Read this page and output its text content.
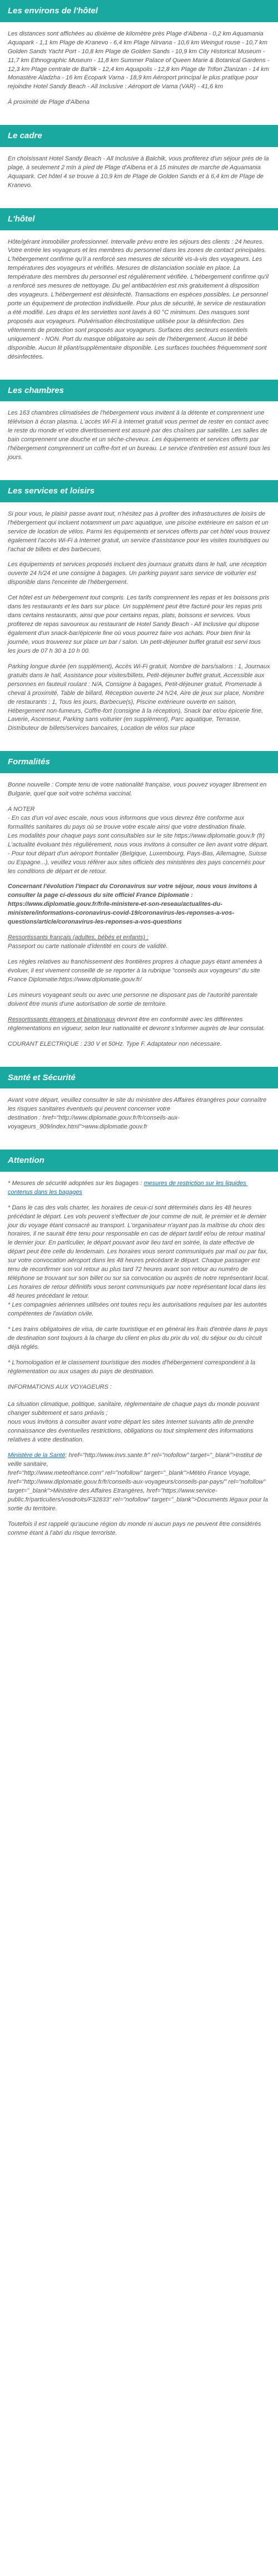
Les environs de l'hôtel

Les distances sont affichées au dixième de kilomètre près Plage d'Albena - 0,2 km Aquamania Aquapark - 1,1 km Plage de Kranevo - 6,4 km Plage Nirvana - 10,6 km Weingut rouse - 10,7 km Golden Sands Yacht Port - 10,8 km Plage de Golden Sands - 10,9 km City Historical Museum - 11,7 km Ethnographic Museum - 11,8 km Summer Palace of Queen Marie & Botanical Gardens - 12,3 km Plage centrale de Bal'tik - 12,4 km Aquapolis - 12,8 km Plage de Trifon Zlanizan - 14 km Monastère Aladzha - 16 km Ecopark Varna - 18,9 km Aéroport principal le plus pratique pour rejoindre Hotel Sandy Beach - All Inclusive : Aéroport de Varna (VAR) - 41,6 km

À proximité de Plage d'Albena

Le cadre

En choisissant Hotel Sandy Beach - All Inclusive à Balchik, vous profiterez d'un séjour près de la plage, à seulement 2 min à pied de Plage d'Albena et à 15 minutes de marche de Aquamania Aquapark. Cet hôtel 4 se trouve à 10,9 km de Plage de Golden Sands et à 6,4 km de Plage de Kranevo.

L'hôtel

Hôte/gérant immobilier professionnel. Intervalle prévu entre les séjours des clients : 24 heures. Votre entrée les voyageurs et les membres du personnel dans les zones de contact principales. L'hébergement confirme qu'il a renforcé ses mesures de sécurité vis-à-vis des voyageurs. Les températures des voyageurs et vérifiés. Mesures de distanciation sociale en place. La température des membres du personnel est régulièrement vérifiée. L'hébergement confirme qu'il a renforcé ses mesures de nettoyage. Du gel antibactérien est mis gratuitement à disposition des voyageurs. L'hébergement est désinfecté. Transactions en espèces possibles. Le personnel porte un équipement de protection individuelle. Pour plus de sécurité, le service de restauration a été modifié. Les draps et les serviettes sont lavés à 60 °C minimum. Des masques sont proposés aux voyageurs. Pulvérisation électrostatique utilisée pour la désinfection. Des vêtements de protection sont proposés aux voyageurs. Surfaces des secteurs essentiels uniquement - NON. Port du masque obligatoire au sein de l'hébergement. Aucun lit bébé disponible. Aucun lit pliant/supplémentaire disponible. Les surfaces touchées fréquemment sont désinfectées.

Les chambres

Les 163 chambres climatisées de l'hébergement vous invitent à la détente et comprennent une télévision à écran plasma. L'accès Wi-Fi à Internet gratuit vous permet de rester en contact avec le reste du monde et votre divertissement est assuré par des chaînes par satellite. Les salles de bain comprennent une douche et un sèche-cheveux. Les équipements et services offerts par l'hébergement comprennent un coffre-fort et un bureau. Le service d'entretien est assuré tous les jours.

Les services et loisirs

Si pour vous, le plaisir passe avant tout, n'hésitez pas à profiter des infrastructures de loisirs de l'hébergement qui incluent notamment un parc aquatique, une piscine extérieure en saison et un service de location de vélos. Parmi les équipements et services offerts par cet hôtel vous trouvez également l'accès Wi-Fi à Internet gratuit, un service d'assistance pour les visites touristiques ou l'achat de billets et des barbecues.

Les équipements et services proposés incluent des journaux gratuits dans le hall, une réception ouverte 24 h/24 et une consigne à bagages. Un parking payant sans service de voiturier est disponible dans l'enceinte de l'hébergement.

Cet hôtel est un hébergement tout compris. Les tarifs comprennent les repas et les boissons pris dans les restaurants et les bars sur place. Un supplément peut être facturé pour les repas pris dans certains restaurants, ainsi que pour certains repas, plats, boissons et services. Vous profiterez de repas savoureux au restaurant de Hotel Sandy Beach - All Inclusive qui dispose également d'un snack-bar/épicerie fine où vous pourrez faire vos achats. Pour bien finir la journée, vous trouverez sur place un bar / salon. Un petit-déjeuner buffet gratuit est servi tous les jours de 07 h 30 à 10 h 00.

Parking longue durée (en supplément), Accès Wi-Fi gratuit, Nombre de bars/salons : 1, Journaux gratuits dans le hall, Assistance pour visites/billets, Petit-déjeuner buffet gratuit, Accessible aux personnes en fauteuil roulant : N/A, Consigne à bagages, Petit-déjeuner gratuit, Promenade à cheval à proximité, Table de billard, Réception ouverte 24 h/24, Aire de jeux sur place, Nombre de restaurants : 1, Tous les jours, Barbecue(s), Piscine extérieure ouverte en saison, Hébergement non-fumeurs, Coffre-fort (consigne à la réception), Snack bar et/ou épicerie fine, Laverie, Ascenseur, Parking sans voiturier (en supplément), Parc aquatique, Terrasse, Distributeur de billets/services bancaires, Location de vélos sur place

Formalités

Bonne nouvelle : Compte tenu de votre nationalité française, vous pouvez voyager librement en Bulgarie, quel que soit votre schéma vaccinal.

A NOTER
- En cas d'un vol avec escale, nous vous informons que vous devrez être conforme aux formalités sanitaires du pays où se trouve votre escale ainsi que votre destination finale.
Les modalités pour chaque pays sont consultables sur le site https://www.diplomatie.gouv.fr (fr) L'actualité évoluant très régulièrement, nous vous invitons à consulter ce lien avant votre départ.
- Pour tout départ d'un aéroport frontalier (Belgique, Luxembourg, Pays-Bas, Allemagne, Suisse ou Espagne...), veuillez vous référer aux sites officiels des ministères des pays concernés pour les conditions de départ et de retour.

Concernant l'évolution l'impact du Coronavirus sur votre séjour, nous vous invitons à consulter la page ci-dessous du site officiel France Diplomatie : https://www.diplomatie.gouv.fr/fr/le-ministere-et-son-reseau/actualites-du-ministere/informations-coronavirus-covid-19/coronavirus-les-reponses-a-vos-questions/article/coronavirus-les-reponses-a-vos-questions

Ressortissants français (adultes, bébés et enfants) :
Passeport ou carte nationale d'identité en cours de validité.

Les règles relatives au franchissement des frontières propres à chaque pays étant amenées à évoluer, il est vivement conseillé de se reporter à la rubrique "conseils aux voyageurs" du site France Diplomatie:https://www.diplomatie.gouv.fr/

Les mineurs voyageant seuls ou avec une personne ne disposant pas de l'autorité parentale doivent être munis d'une autorisation de sortie de territoire.

Ressortissants étrangers et binationaux devront être en conformité avec les différentes réglementations en vigueur, selon leur nationalité et devront s'informer auprès de leur consulat.

COURANT ELECTRIQUE : 230 V et 50Hz. Type F. Adaptateur non nécessaire.

Santé et Sécurité

Avant votre départ, veuillez consulter le site du ministère des Affaires étrangères pour connaître les risques sanitaires éventuels qui peuvent concerner votre
destination : href="http://www.diplomatie.gouv.fr/fr/conseils-aux-voyageurs_909/index.html">www.diplomatie.gouv.fr

Attention

* Mesures de sécurité adoptées sur les bagages : mesures de restriction sur les liquides contenus dans les bagages

* Dans le cas des vols charter, les horaires de ceux-ci sont déterminés dans les 48 heures précédant le départ. Les vols peuvent s'effectuer de jour comme de nuit, le premier et le dernier jour du voyage étant consacré au transport. L'organisateur n'ayant pas la maîtrise du choix des horaires, il ne saurait être tenu pour responsable en cas de départ tardif et/ou de retour matinal le dernier jour. En particulier, le départ pouvant avoir lieu tard en soirée, la date effective de départ peut être celle du lendemain. Les horaires vous seront communiqués par mail ou par fax, sur votre convocation aéroport dans les 48 heures précédant le départ. Chaque passager est tenu de reconfirmer son vol retour au plus tard 72 heures avant son retour au numéro de téléphone se trouvant sur son billet ou sur sa convocation ou auprès de notre représentant local. Les horaires de retour définitifs vous seront communiqués par notre représentant local dans les 48 heures précédant le retour.
* Les compagnies aériennes utilisées ont toutes reçu les autorisations requises par les autorités compétentes de l'aviation civile.

* Les trains obligatoires de visa, de carte touristique et en général les frais d'entrée dans le pays de destination sont toujours à la charge du client en plus du prix du vol, du séjour ou du circuit déjà réglés.

* L'homologation et le classement touristique des modes d'hébergement correspondent à la réglementation ou aux usages du pays de destination.

INFORMATIONS AUX VOYAGEURS :

La situation climatique, politique, sanitaire, réglementaire de chaque pays du monde pouvant changer subitement et sans préavis ;
nous vous invitons à consulter avant votre départ les sites Internet suivants afin de prendre connaissance des éventuelles restrictions, obligations ou tout simplement des informations relatives à votre destination.

Ministère de la Santé: href="http://www.invs.sante.fr" rel="nofollow" target="_blank">Institut de veille sanitaire,
href="http://www.meteofrance.com" rel="nofollow" target="_blank">Météo France Voyage, href="http://www.diplomatie.gouv.fr/fr/conseils-aux-voyageurs/conseils-par-pays/" rel="nofollow" target="_blank">Ministère des Affaires Etrangères, href="https://www.service-public.fr/particuliers/vosdroits/F32833" rel="nofollow" target="_blank">Documents légaux pour la sortie du territoire.

Toutefois il est rappelé qu'aucune région du monde ni aucun pays ne peuvent être considérés comme étant à l'abri du risque terroriste.
